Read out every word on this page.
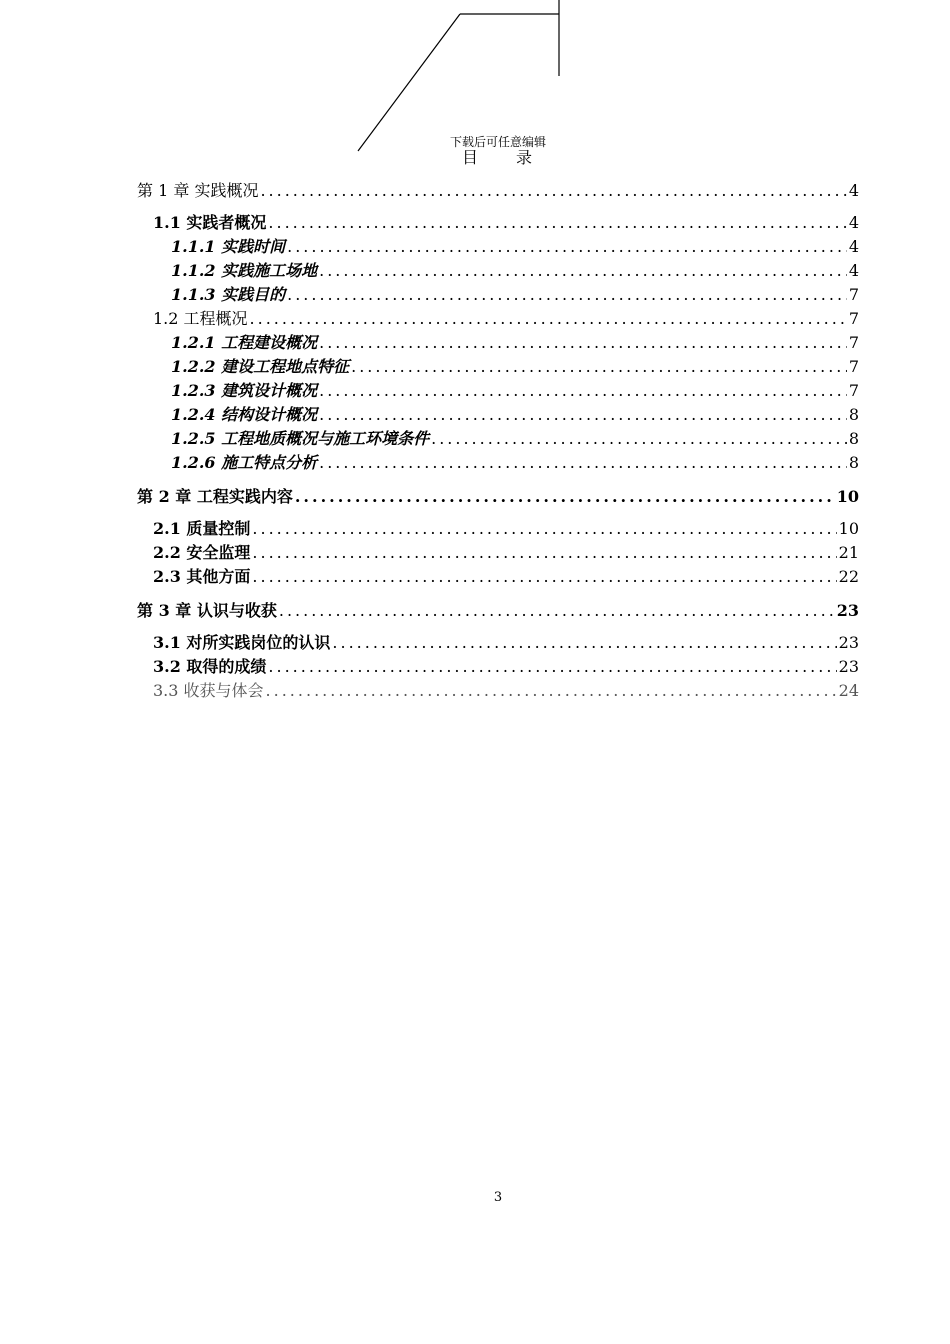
下载后可任意编辑
目 录
第 1 章 实践概况 .....	4
1.1 实践者概况 .....	4
1.1.1 实践时间 .....	4
1.1.2 实践施工场地 .....	4
1.1.3 实践目的 .....	7
1.2 工程概况 .....	7
1.2.1 工程建设概况 .....	7
1.2.2 建设工程地点特征 .....	7
1.2.3 建筑设计概况 .....	7
1.2.4 结构设计概况 .....	8
1.2.5 工程地质概况与施工环境条件 .....	8
1.2.6 施工特点分析 .....	8
第 2 章 工程实践内容 .....	10
2.1 质量控制 .....	10
2.2 安全监理 .....	21
2.3 其他方面 .....	22
第 3 章 认识与收获 .....	23
3.1 对所实践岗位的认识 .....	23
3.2 取得的成绩 .....	23
3.3 收获与体会 .....	24
3
